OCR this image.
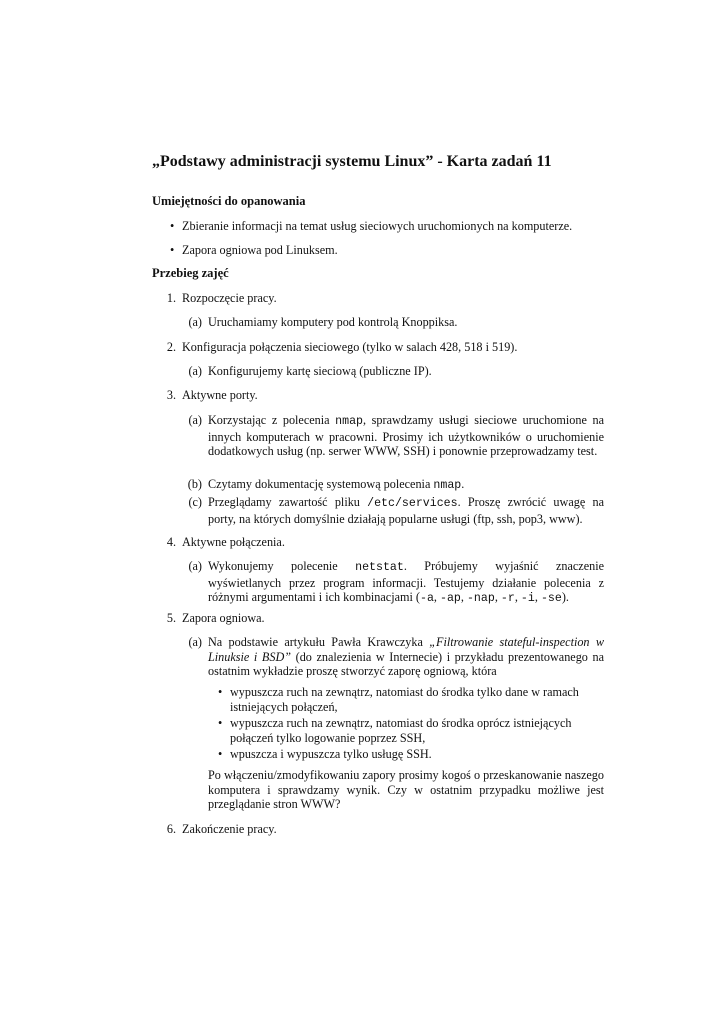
„Podstawy administracji systemu Linux” - Karta zadań 11
Umiejętności do opanowania
• Zbieranie informacji na temat usług sieciowych uruchomionych na komputerze.
• Zapora ogniowa pod Linuksem.
Przebieg zajęć
1. Rozpoczęcie pracy.
(a) Uruchamiamy komputery pod kontrolą Knoppiksa.
2. Konfiguracja połączenia sieciowego (tylko w salach 428, 518 i 519).
(a) Konfigurujemy kartę sieciową (publiczne IP).
3. Aktywne porty.
(a) Korzystając z polecenia nmap, sprawdzamy usługi sieciowe uruchomione na innych komputerach w pracowni. Prosimy ich użytkowników o uruchomienie dodatkowych usług (np. serwer WWW, SSH) i ponownie przeprowadzamy test.
(b) Czytamy dokumentację systemową polecenia nmap.
(c) Przeglądamy zawartość pliku /etc/services. Proszę zwrócić uwagę na porty, na których domyślnie działają popularne usługi (ftp, ssh, pop3, www).
4. Aktywne połączenia.
(a) Wykonujemy polecenie netstat. Próbujemy wyjaśnić znaczenie wyświetlanych przez program informacji. Testujemy działanie polecenia z różnymi argumentami i ich kombinacjami (-a, -ap, -nap, -r, -i, -se).
5. Zapora ogniowa.
(a) Na podstawie artykułu Pawła Krawczyka „Filtrowanie stateful-inspection w Linuksie i BSD” (do znalezienia w Internecie) i przykładu prezentowanego na ostatnim wykładzie proszę stworzyć zaporę ogniową, która
• wypuszcza ruch na zewnątrz, natomiast do środka tylko dane w ramach istniejących połączeń,
• wypuszcza ruch na zewnątrz, natomiast do środka oprócz istniejących połączeń tylko logowanie poprzez SSH,
• wpuszcza i wypuszcza tylko usługę SSH.
Po włączeniu/zmodyfikowaniu zapory prosimy kogoś o przeskanowanie naszego komputera i sprawdzamy wynik. Czy w ostatnim przypadku możliwe jest przeglądanie stron WWW?
6. Zakończenie pracy.
